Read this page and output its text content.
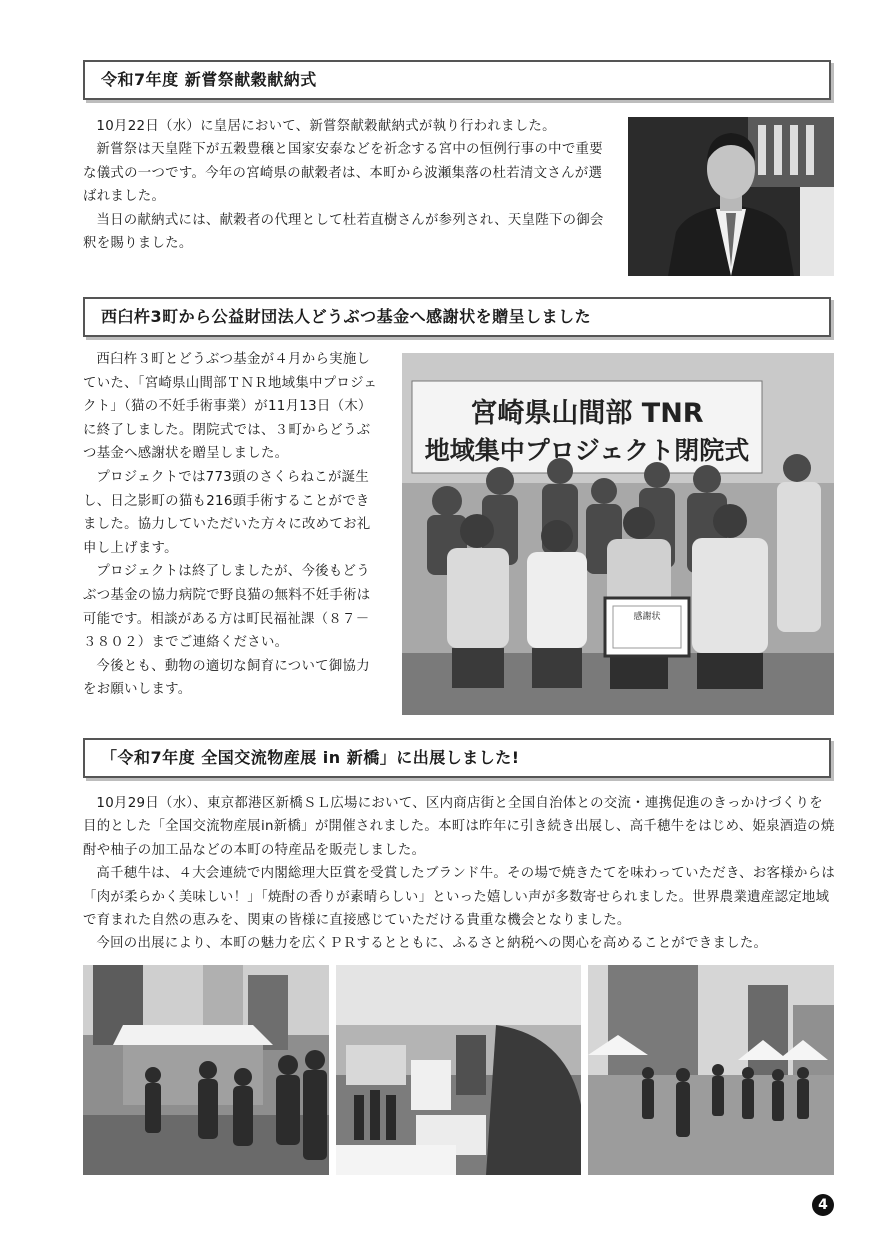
令和7年度 新嘗祭献穀献納式

10月22日（水）に皇居において、新嘗祭献穀献納式が執り行われました。

新嘗祭は天皇陛下が五穀豊穣と国家安泰などを祈念する宮中の恒例行事の中で重要な儀式の一つです。今年の宮崎県の献穀者は、本町から波瀬集落の杜若清文さんが選ばれました。

当日の献納式には、献穀者の代理として杜若直樹さんが参列され、天皇陛下の御会釈を賜りました。

西臼杵3町から公益財団法人どうぶつ基金へ感謝状を贈呈しました

西臼杵３町とどうぶつ基金が４月から実施していた、「宮崎県山間部ＴＮＲ地域集中プロジェクト」（猫の不妊手術事業）が11月13日（木）に終了しました。閉院式では、３町からどうぶつ基金へ感謝状を贈呈しました。

プロジェクトでは773頭のさくらねこが誕生し、日之影町の猫も216頭手術することができました。協力していただいた方々に改めてお礼申し上げます。

プロジェクトは終了しましたが、今後もどうぶつ基金の協力病院で野良猫の無料不妊手術は可能です。相談がある方は町民福祉課（８７－３８０２）までご連絡ください。

今後とも、動物の適切な飼育について御協力をお願いします。

宮崎県山間部 TNR
地域集中プロジェクト閉院式
感謝状
「令和7年度 全国交流物産展 in 新橋」に出展しました!

10月29日（水）、東京都港区新橋ＳＬ広場において、区内商店街と全国自治体との交流・連携促進のきっかけづくりを目的とした「全国交流物産展in新橋」が開催されました。本町は昨年に引き続き出展し、高千穂牛をはじめ、姫泉酒造の焼酎や柚子の加工品などの本町の特産品を販売しました。

高千穂牛は、４大会連続で内閣総理大臣賞を受賞したブランド牛。その場で焼きたてを味わっていただき、お客様からは「肉が柔らかく美味しい！」「焼酎の香りが素晴らしい」といった嬉しい声が多数寄せられました。世界農業遺産認定地域で育まれた自然の恵みを、関東の皆様に直接感じていただける貴重な機会となりました。

今回の出展により、本町の魅力を広くＰＲするとともに、ふるさと納税への関心を高めることができました。

4
